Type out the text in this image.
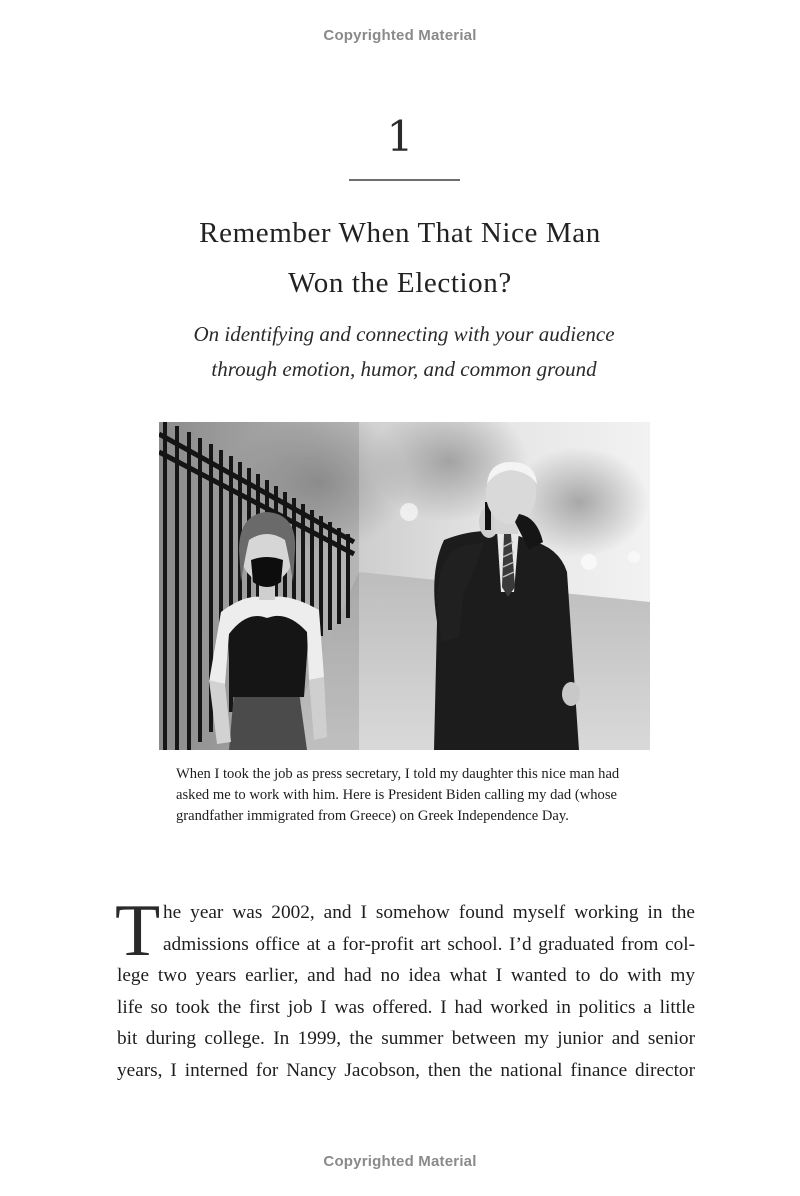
Copyrighted Material
1
Remember When That Nice Man
Won the Election?
On identifying and connecting with your audience
through emotion, humor, and common ground
When I took the job as press secretary, I told my daughter this nice man had
asked me to work with him. Here is President Biden calling my dad (whose
grandfather immigrated from Greece) on Greek Independence Day.
T he year was 2002, and I somehow found myself working in the
admissions office at a for-profit art school. I’d graduated from col-
lege two years earlier, and had no idea what I wanted to do with my
life so took the first job I was offered. I had worked in politics a little
bit during college. In 1999, the summer between my junior and senior
years, I interned for Nancy Jacobson, then the national finance director
Copyrighted Material
